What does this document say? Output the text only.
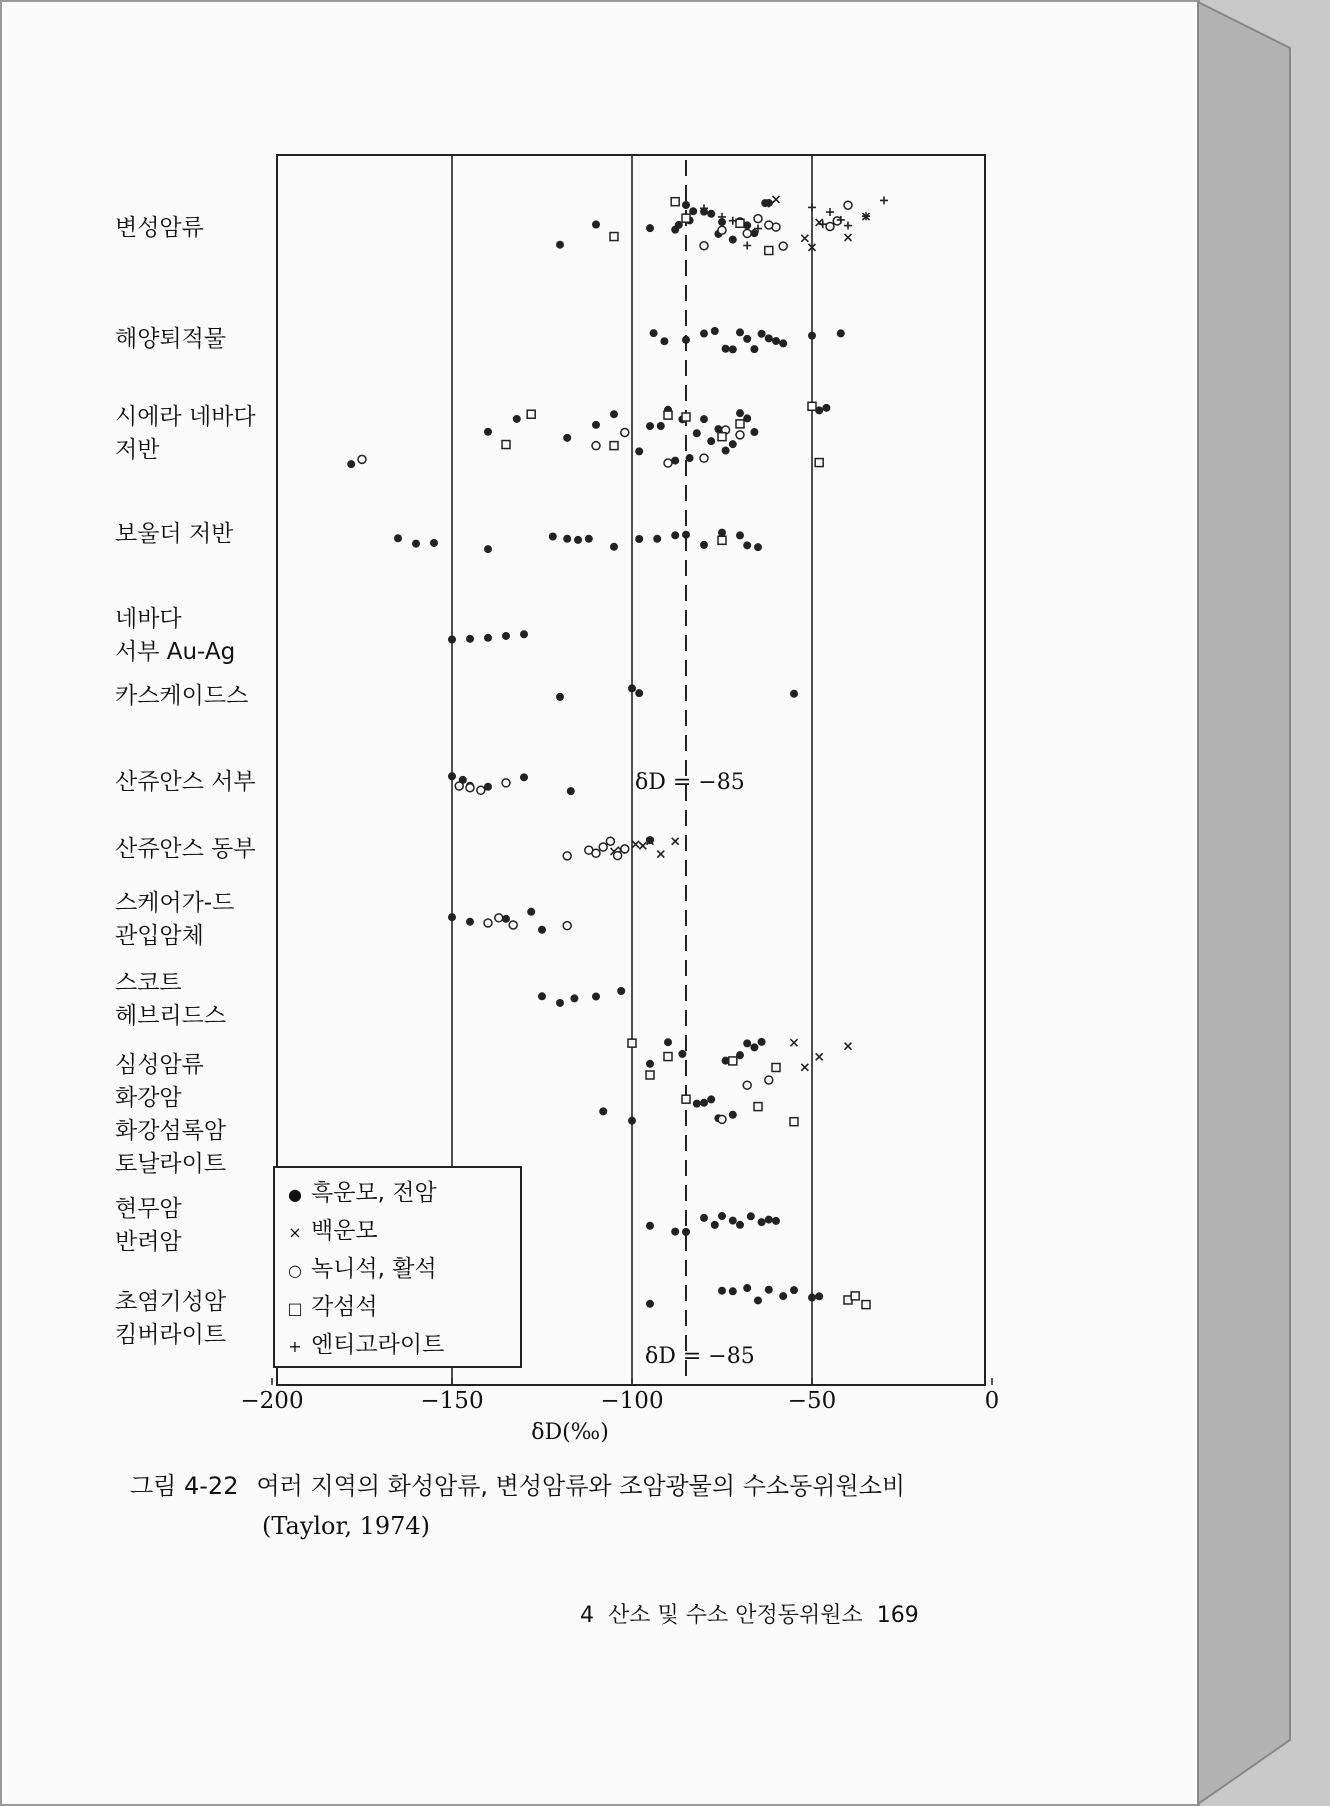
변성암류
해양퇴적물
시에라 네바다
저반
보울더 저반
네바다
서부 Au-Ag
카스케이드스
산쥬안스 서부
산쥬안스 동부
스케어가-드
관입암체
스코트
헤브리드스
심성암류
화강암
화강섬록암
토날라이트
현무암
반려암
초염기성암
킴버라이트
−200	−150	−100	−50	0
δD(‰)
δD = −85
δD = −85
● 흑운모, 전암
× 백운모
○ 녹니석, 활석
□ 각섬석
+ 엔티고라이트
그림 4-22 여러 지역의 화성암류, 변성암류와 조암광물의 수소동위원소비
(Taylor, 1974)
4 산소 및 수소 안정동위원소 169
